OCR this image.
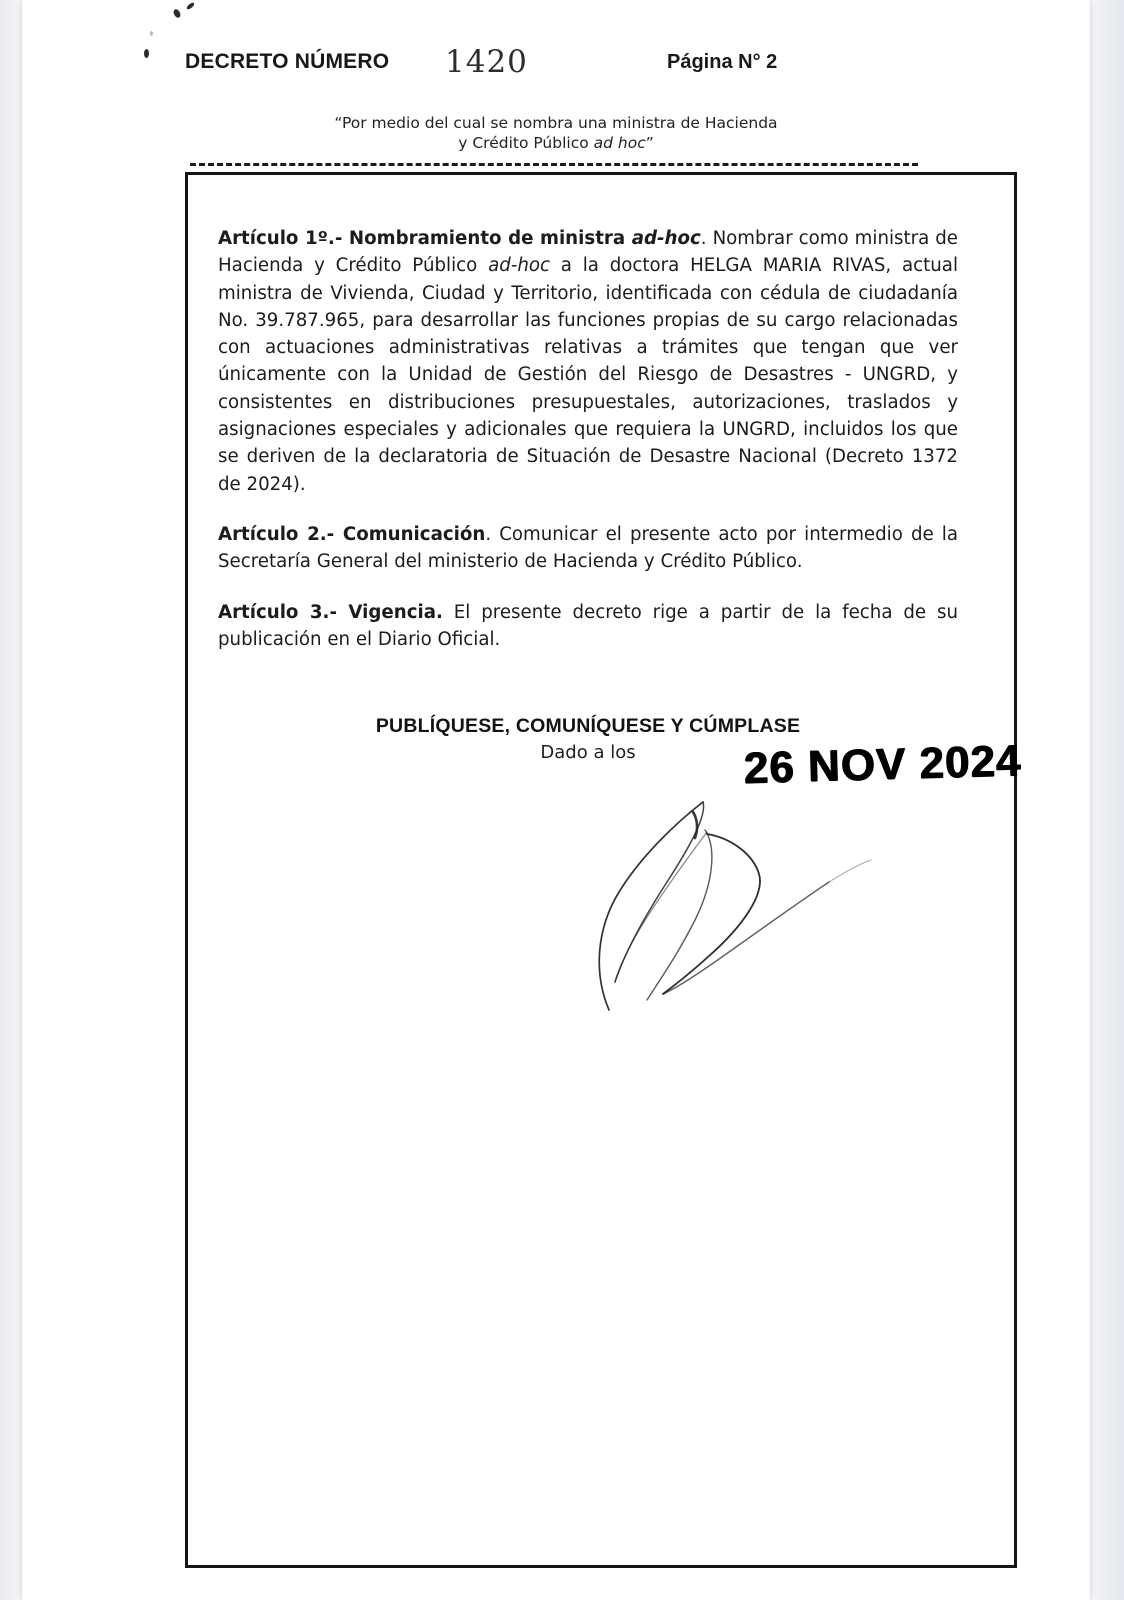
DECRETO NÚMERO 1420	Página N° 2
“Por medio del cual se nombra una ministra de Hacienda
y Crédito Público ad hoc”

Artículo 1º.- Nombramiento de ministra ad-hoc. Nombrar como ministra de Hacienda y Crédito Público ad-hoc a la doctora HELGA MARIA RIVAS, actual ministra de Vivienda, Ciudad y Territorio, identificada con cédula de ciudadanía No. 39.787.965, para desarrollar las funciones propias de su cargo relacionadas con actuaciones administrativas relativas a trámites que tengan que ver únicamente con la Unidad de Gestión del Riesgo de Desastres - UNGRD, y consistentes en distribuciones presupuestales, autorizaciones, traslados y asignaciones especiales y adicionales que requiera la UNGRD, incluidos los que se deriven de la declaratoria de Situación de Desastre Nacional (Decreto 1372 de 2024).

Artículo 2.- Comunicación. Comunicar el presente acto por intermedio de la Secretaría General del ministerio de Hacienda y Crédito Público.

Artículo 3.- Vigencia. El presente decreto rige a partir de la fecha de su publicación en el Diario Oficial.

PUBLÍQUESE, COMUNÍQUESE Y CÚMPLASE
Dado a los	26 NOV 2024
